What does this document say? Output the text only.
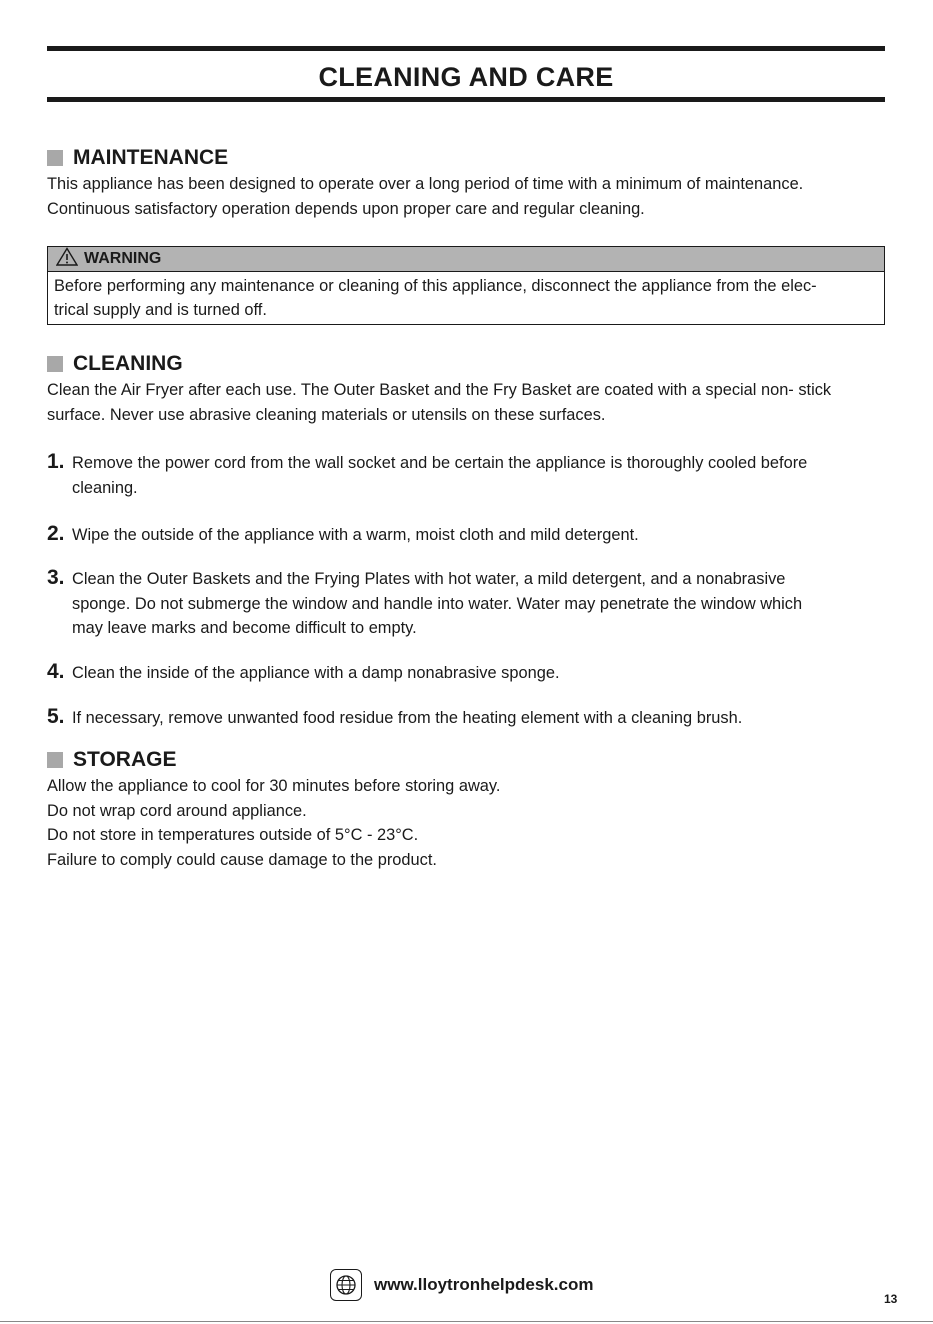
CLEANING AND CARE
MAINTENANCE

This appliance has been designed to operate over a long period of time with a minimum of maintenance.

Continuous satisfactory operation depends upon proper care and regular cleaning.

WARNING

Before performing any maintenance or cleaning of this appliance, disconnect the appliance from the elec-

trical supply and is turned off.

CLEANING

Clean the Air Fryer after each use. The Outer Basket and the Fry Basket are coated with a special non- stick

surface. Never use abrasive cleaning materials or utensils on these surfaces.

1. Remove the power cord from the wall socket and be certain the appliance is thoroughly cooled before

cleaning.

2. Wipe the outside of the appliance with a warm, moist cloth and mild detergent.

3. Clean the Outer Baskets and the Frying Plates with hot water, a mild detergent, and a nonabrasive

sponge. Do not submerge the window and handle into water. Water may penetrate the window which

may leave marks and become difficult to empty.

4. Clean the inside of the appliance with a damp nonabrasive sponge.

5. If necessary, remove unwanted food residue from the heating element with a cleaning brush.

STORAGE

Allow the appliance to cool for 30 minutes before storing away.

Do not wrap cord around appliance.

Do not store in temperatures outside of 5°C - 23°C.

Failure to comply could cause damage to the product.

www.lloytronhelpdesk.com
13
